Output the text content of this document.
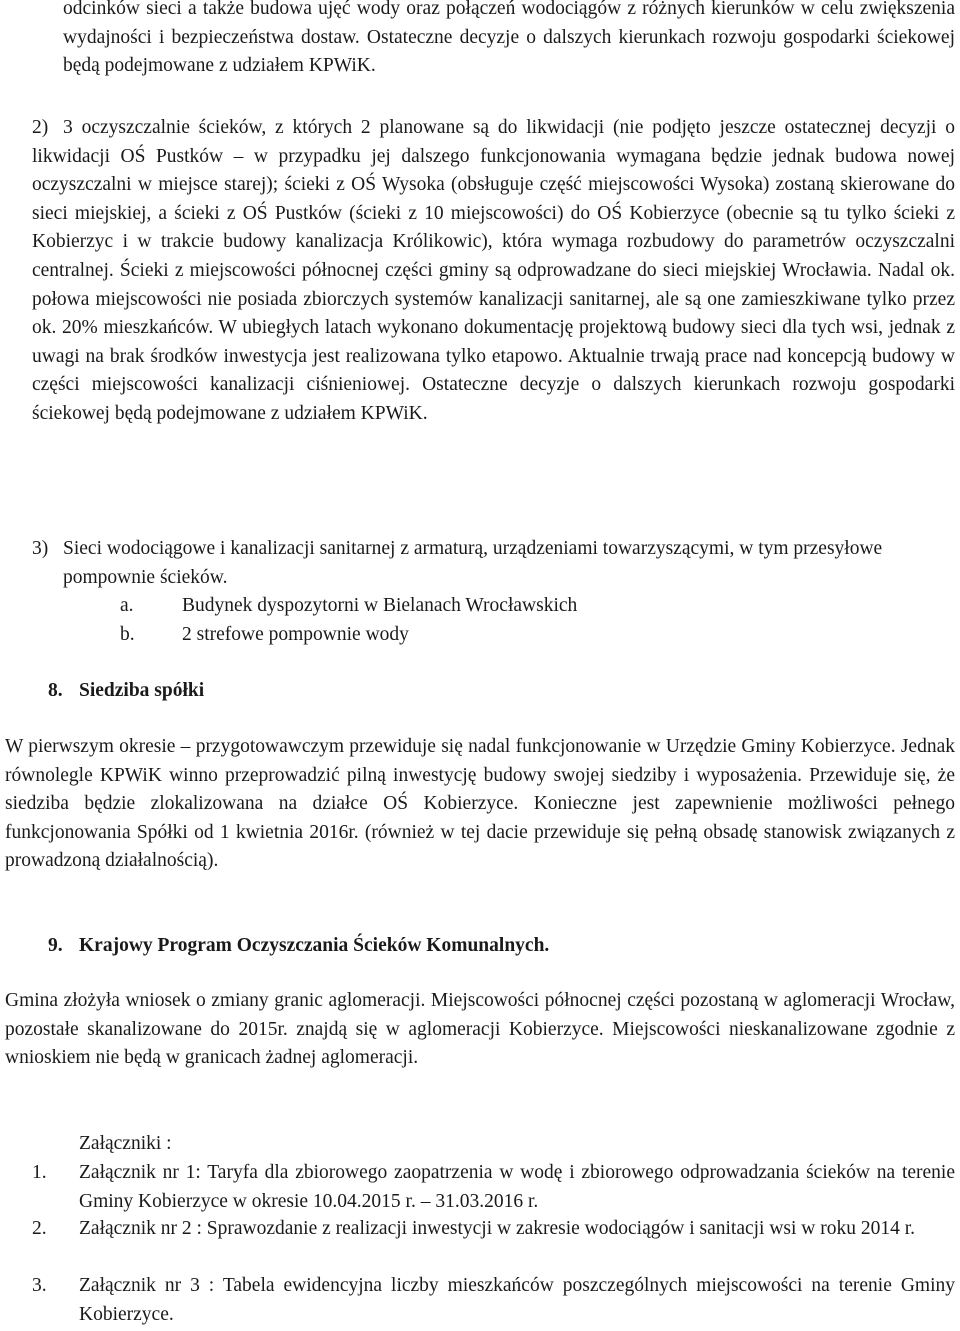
odcinków sieci a także budowa ujęć wody oraz połączeń wodociągów z różnych kierunków w celu zwiększenia wydajności i bezpieczeństwa dostaw. Ostateczne decyzje o dalszych kierunkach rozwoju gospodarki ściekowej będą podejmowane z udziałem KPWiK.
2) 3 oczyszczalnie ścieków, z których 2 planowane są do likwidacji (nie podjęto jeszcze ostatecznej decyzji o likwidacji OŚ Pustków – w przypadku jej dalszego funkcjonowania wymagana będzie jednak budowa nowej oczyszczalni w miejsce starej); ścieki z OŚ Wysoka (obsługuje część miejscowości Wysoka) zostaną skierowane do sieci miejskiej, a ścieki z OŚ Pustków (ścieki z 10 miejscowości) do OŚ Kobierzyce (obecnie są tu tylko ścieki z Kobierzyc i w trakcie budowy kanalizacja Królikowic), która wymaga rozbudowy do parametrów oczyszczalni centralnej. Ścieki z miejscowości północnej części gminy są odprowadzane do sieci miejskiej Wrocławia. Nadal ok. połowa miejscowości nie posiada zbiorczych systemów kanalizacji sanitarnej, ale są one zamieszkiwane tylko przez ok. 20% mieszkańców. W ubiegłych latach wykonano dokumentację projektową budowy sieci dla tych wsi, jednak z uwagi na brak środków inwestycja jest realizowana tylko etapowo. Aktualnie trwają prace nad koncepcją budowy w części miejscowości kanalizacji ciśnieniowej. Ostateczne decyzje o dalszych kierunkach rozwoju gospodarki ściekowej będą podejmowane z udziałem KPWiK.
3) Sieci wodociągowe i kanalizacji sanitarnej z armaturą, urządzeniami towarzyszącymi, w tym przesyłowe pompownie ścieków.
a. Budynek dyspozytorni w Bielanach Wrocławskich
b. 2 strefowe pompownie wody
8. Siedziba spółki
W pierwszym okresie – przygotowawczym przewiduje się nadal funkcjonowanie w Urzędzie Gminy Kobierzyce. Jednak równolegle KPWiK winno przeprowadzić pilną inwestycję budowy swojej siedziby i wyposażenia. Przewiduje się, że siedziba będzie zlokalizowana na działce OŚ Kobierzyce. Konieczne jest zapewnienie możliwości pełnego funkcjonowania Spółki od 1 kwietnia 2016r. (również w tej dacie przewiduje się pełną obsadę stanowisk związanych z prowadzoną działalnością).
9. Krajowy Program Oczyszczania Ścieków Komunalnych.
Gmina złożyła wniosek o zmiany granic aglomeracji. Miejscowości północnej części pozostaną w aglomeracji Wrocław, pozostałe skanalizowane do 2015r. znajdą się w aglomeracji Kobierzyce. Miejscowości nieskanalizowane zgodnie z wnioskiem nie będą w granicach żadnej aglomeracji.
Załączniki :
1. Załącznik nr 1: Taryfa dla zbiorowego zaopatrzenia w wodę i zbiorowego odprowadzania ścieków na terenie Gminy Kobierzyce w okresie 10.04.2015 r. – 31.03.2016 r.
2. Załącznik nr 2 : Sprawozdanie z realizacji inwestycji w zakresie wodociągów i sanitacji wsi w roku 2014 r.
3. Załącznik nr 3 : Tabela ewidencyjna liczby mieszkańców poszczególnych miejscowości na terenie Gminy Kobierzyce.
